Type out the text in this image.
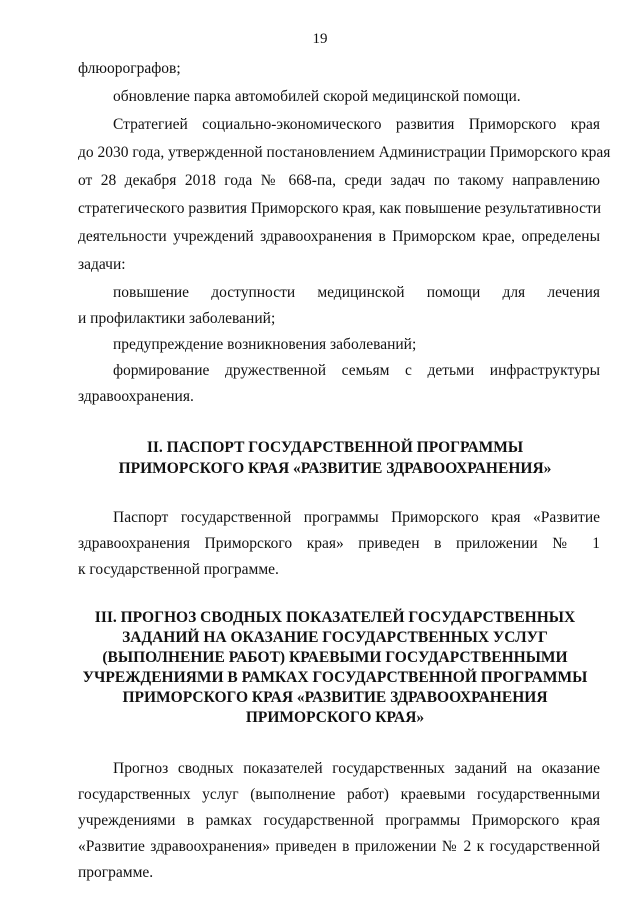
19
флюорографов;
обновление парка автомобилей скорой медицинской помощи.
Стратегией социально-экономического развития Приморского края
до 2030 года, утвержденной постановлением Администрации Приморского края
от 28 декабря 2018 года № 668-па, среди задач по такому направлению
стратегического развития Приморского края, как повышение результативности
деятельности учреждений здравоохранения в Приморском крае, определены
задачи:
повышение доступности медицинской помощи для лечения
и профилактики заболеваний;
предупреждение возникновения заболеваний;
формирование дружественной семьям с детьми инфраструктуры
здравоохранения.
II. ПАСПОРТ ГОСУДАРСТВЕННОЙ ПРОГРАММЫ
ПРИМОРСКОГО КРАЯ «РАЗВИТИЕ ЗДРАВООХРАНЕНИЯ»
Паспорт государственной программы Приморского края «Развитие
здравоохранения Приморского края» приведен в приложении № 1
к государственной программе.
III. ПРОГНОЗ СВОДНЫХ ПОКАЗАТЕЛЕЙ ГОСУДАРСТВЕННЫХ
ЗАДАНИЙ НА ОКАЗАНИЕ ГОСУДАРСТВЕННЫХ УСЛУГ
(ВЫПОЛНЕНИЕ РАБОТ) КРАЕВЫМИ ГОСУДАРСТВЕННЫМИ
УЧРЕЖДЕНИЯМИ В РАМКАХ ГОСУДАРСТВЕННОЙ ПРОГРАММЫ
ПРИМОРСКОГО КРАЯ «РАЗВИТИЕ ЗДРАВООХРАНЕНИЯ
ПРИМОРСКОГО КРАЯ»
Прогноз сводных показателей государственных заданий на оказание
государственных услуг (выполнение работ) краевыми государственными
учреждениями в рамках государственной программы Приморского края
«Развитие здравоохранения» приведен в приложении № 2 к государственной
программе.
